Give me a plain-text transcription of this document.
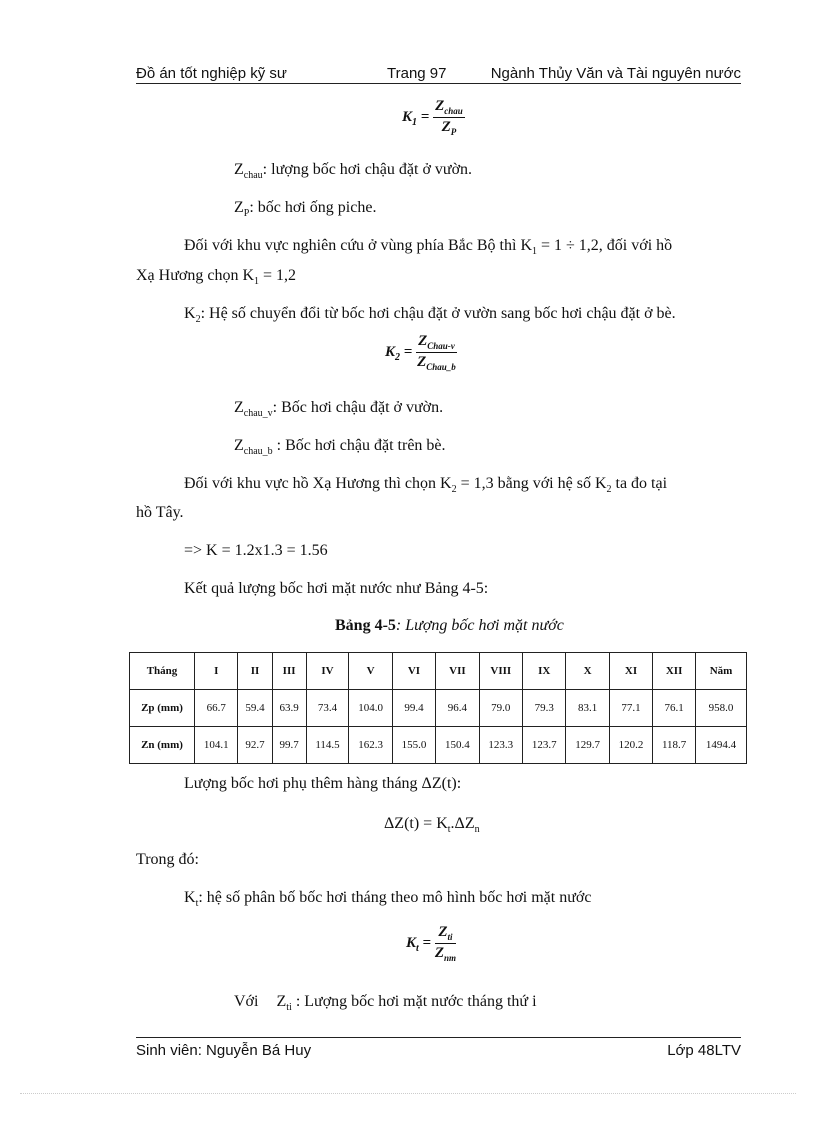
Đồ án tốt nghiệp kỹ sư	Trang 97	Ngành Thủy Văn và Tài nguyên nước
$K_1 = \frac{Z_{chau}}{Z_P}$
$Z_{chau}$: lượng bốc hơi chậu đặt ở vườn.
$Z_P$: bốc hơi ống piche.
Đối với khu vực nghiên cứu ở vùng phía Bắc Bộ thì $K_1 = 1 \div 1,2$, đối với hồ
Xạ Hương chọn $K_1 = 1,2$
$K_2$: Hệ số chuyển đổi từ bốc hơi chậu đặt ở vườn sang bốc hơi chậu đặt ở bè.
$K_2 = \frac{Z_{Chau-v}}{Z_{Chau\_b}}$
$Z_{chau\_v}$: Bốc hơi chậu đặt ở vườn.
$Z_{chau\_b}$ : Bốc hơi chậu đặt trên bè.
Đối với khu vực hồ Xạ Hương thì chọn $K_2 = 1,3$ bằng với hệ số $K_2$ ta đo tại
hồ Tây.
=> K = 1.2x1.3 = 1.56
Kết quả lượng bốc hơi mặt nước như Bảng 4-5:
Bảng 4-5: Lượng bốc hơi mặt nước
Tháng	I	II	III	IV	V	VI	VII	VIII	IX	X	XI	XII	Năm
Zp (mm)	66.7	59.4	63.9	73.4	104.0	99.4	96.4	79.0	79.3	83.1	77.1	76.1	958.0
Zn (mm)	104.1	92.7	99.7	114.5	162.3	155.0	150.4	123.3	123.7	129.7	120.2	118.7	1494.4
Lượng bốc hơi phụ thêm hàng tháng ΔZ(t):
$\Delta Z(t) = K_t.\Delta Z_n$
Trong đó:
$K_t$: hệ số phân bố bốc hơi tháng theo mô hình bốc hơi mặt nước
$K_t = \frac{Z_{ti}}{Z_{nm}}$
Với $Z_{ti}$ : Lượng bốc hơi mặt nước tháng thứ i
Sinh viên: Nguyễn Bá Huy	Lớp 48LTV
